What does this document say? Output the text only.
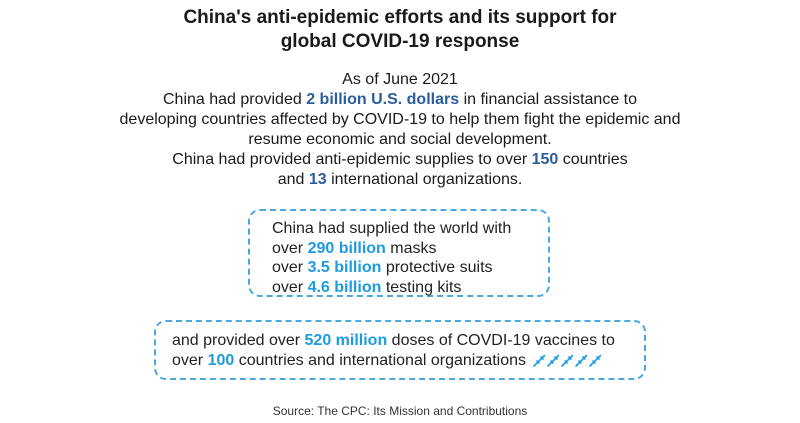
China's anti-epidemic efforts and its support for
global COVID-19 response
As of June 2021
China had provided 2 billion U.S. dollars in financial assistance to
developing countries affected by COVID-19 to help them fight the epidemic and
resume economic and social development.
China had provided anti-epidemic supplies to over 150 countries
and 13 international organizations.
China had supplied the world with
over 290 billion masks
over 3.5 billion protective suits
over 4.6 billion testing kits
and provided over 520 million doses of COVDI-19 vaccines to
over 100 countries and international organizations
Source: The CPC: Its Mission and Contributions
